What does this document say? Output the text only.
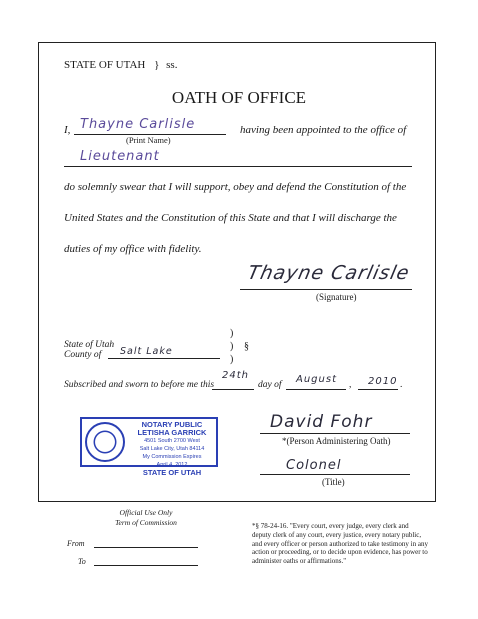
STATE OF UTAH } ss.
OATH OF OFFICE
I, Thayne Carlisle
(Print Name)
having been appointed to the office of
Lieutenant
do solemnly swear that I will support, obey and defend the Constitution of the
United States and the Constitution of this State and that I will discharge the
duties of my office with fidelity.
Thayne Carlisle
(Signature)
State of Utah
County of Salt Lake
)
)
)
§
Subscribed and sworn to before me this
24th
day of August , 2010 .
NOTARY PUBLIC
LETISHA GARRICK
4501 South 2700 West
Salt Lake City, Utah 84114
My Commission Expires
April 4, 2012
STATE OF UTAH
David Fohr
*(Person Administering Oath)
Colonel
(Title)
Official Use Only
Term of Commission
From
To
*§ 78-24-16. "Every court, every judge, every clerk and deputy clerk of any court, every justice, every notary public, and every officer or person authorized to take testimony in any action or proceeding, or to decide upon evidence, has power to administer oaths or affirmations."
